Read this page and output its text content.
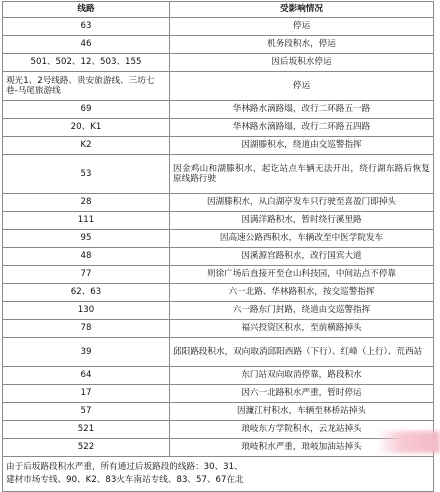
线路	受影响情况
63	停运
46	机务段积水，停运
501、502、12、503、155	因后坂积水停运
观光1、2号线路、贵安旅游线、三坊七巷-马尾旅游线	停运
69	华林路水滴路塌，改行二环路五一路
20、K1	华林路水滴路塌，改行二环路五四路
K2	因湖滕积水，绕道由交巡警指挥
53	因金鸡山和湖滕积水，起讫站点车辆无法开出，绕行湖东路后恢复原线路行驶
28	因湖滕积水，从白湖亭发车只行驶至喜盈门即掉头
111	因满洋路积水，暂时绕行溪里路
95	因高速公路西积水，车辆改至中医学院发车
48	因溪源宫路积水，改行国宾大道
77	则徐广场后直接开至仓山科技园，中间站点不停靠
62、63	六一北路、华林路积水，按交巡警指挥
130	六一路东门封路，绕道由交巡警指挥
78	福兴投资区积水，至前横路掉头
39	邱阳路段积水，双向取消邱阳西路（下行）、红峰（上行）、荒西站
64	东门站双向取消停靠，路段积水
17	因六一北路积水严重，暂时停运
57	因濂江村积水，车辆至林桥站掉头
521	琅岐东方学院积水，云龙站掉头
522	琅岐积水严重，琅岐加油站掉头

由于后坂路段积水严重，所有通过后坂路段的线路：30、31、
建材市场专线、90、K2、83火车南站专线、83、57、67在北	
